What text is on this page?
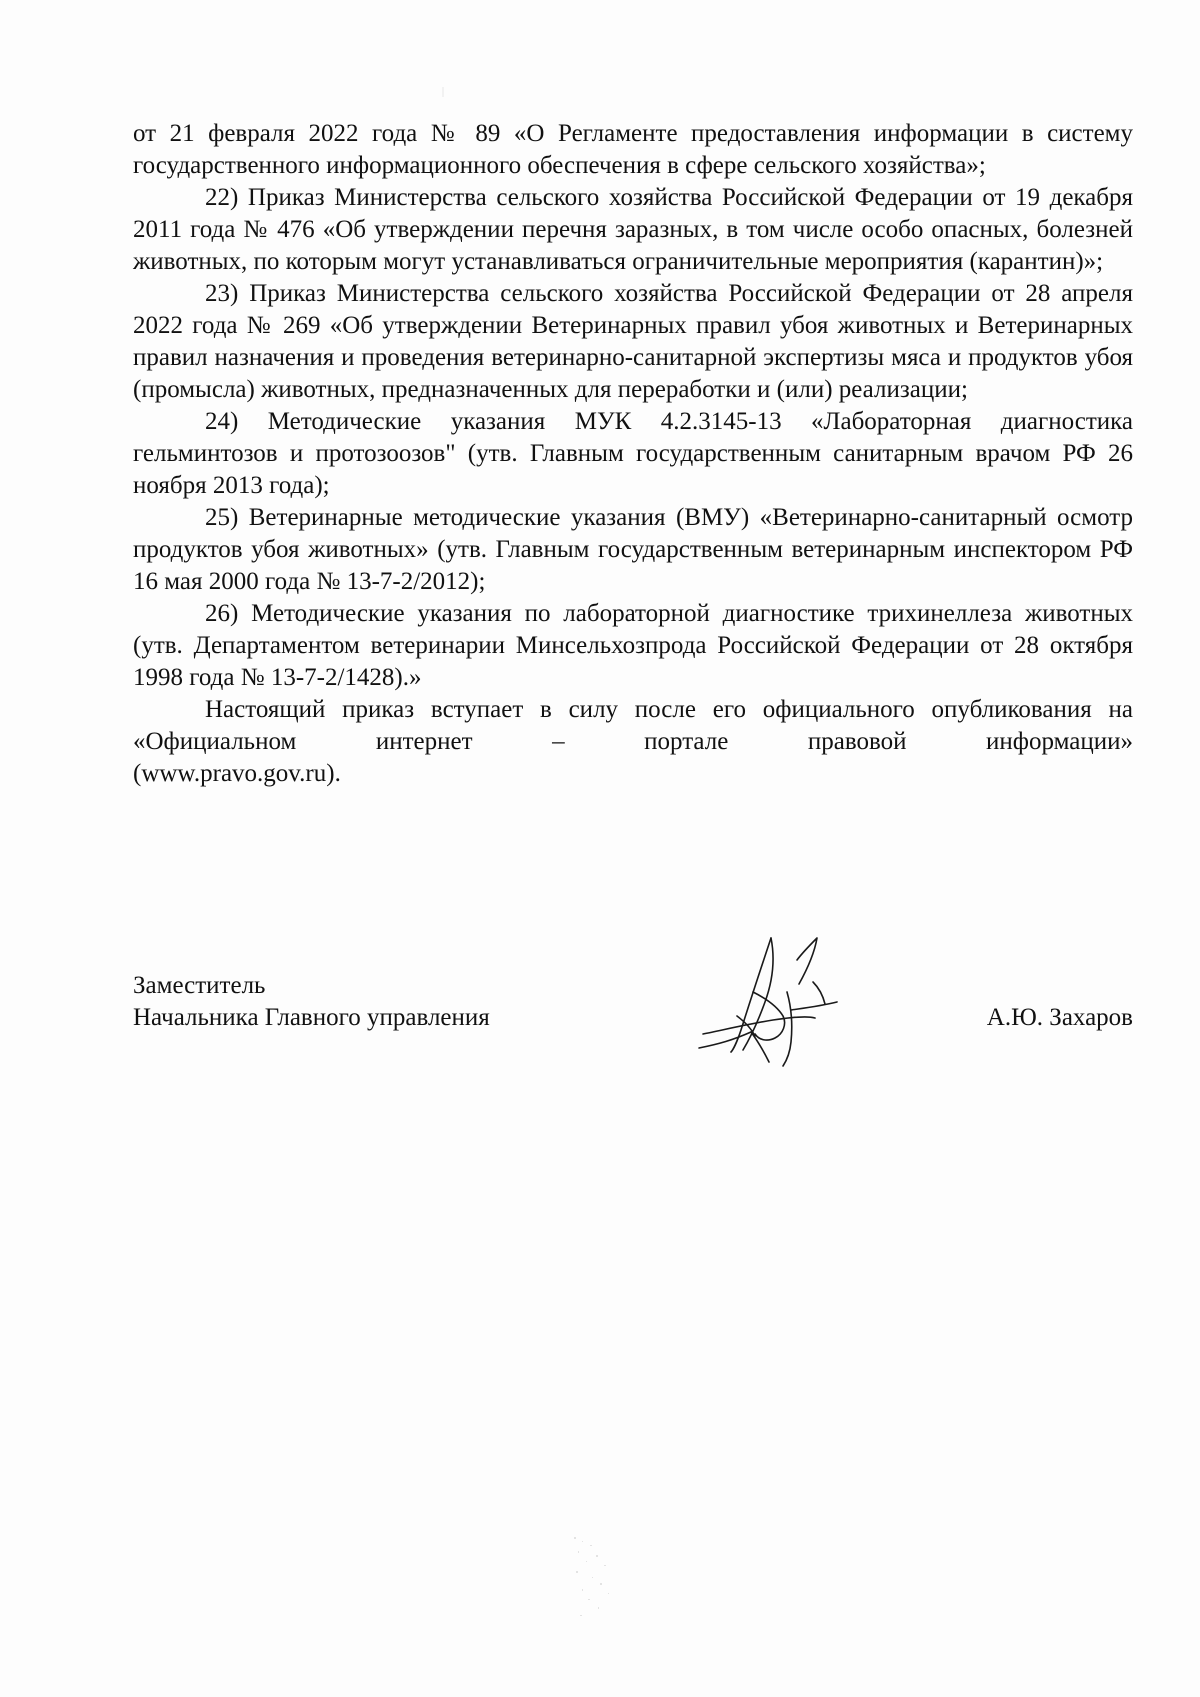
от 21 февраля 2022 года № 89 «О Регламенте предоставления информации в систему государственного информационного обеспечения в сфере сельского хозяйства»;

22) Приказ Министерства сельского хозяйства Российской Федерации от 19 декабря 2011 года № 476 «Об утверждении перечня заразных, в том числе особо опасных, болезней животных, по которым могут устанавливаться ограничительные мероприятия (карантин)»;

23) Приказ Министерства сельского хозяйства Российской Федерации от 28 апреля 2022 года № 269 «Об утверждении Ветеринарных правил убоя животных и Ветеринарных правил назначения и проведения ветеринарно-санитарной экспертизы мяса и продуктов убоя (промысла) животных, предназначенных для переработки и (или) реализации;

24) Методические указания МУК 4.2.3145-13 «Лабораторная диагностика гельминтозов и протозоозов" (утв. Главным государственным санитарным врачом РФ 26 ноября 2013 года);

25) Ветеринарные методические указания (ВМУ) «Ветеринарно-санитарный осмотр продуктов убоя животных» (утв. Главным государственным ветеринарным инспектором РФ 16 мая 2000 года № 13-7-2/2012);

26) Методические указания по лабораторной диагностике трихинеллеза животных (утв. Департаментом ветеринарии Минсельхозпрода Российской Федерации от 28 октября 1998 года № 13-7-2/1428).»

Настоящий приказ вступает в силу после его официального опубликования на «Официальном интернет – портале правовой информации»

(www.pravo.gov.ru).

Заместитель
Начальника Главного управления	А.Ю. Захаров
